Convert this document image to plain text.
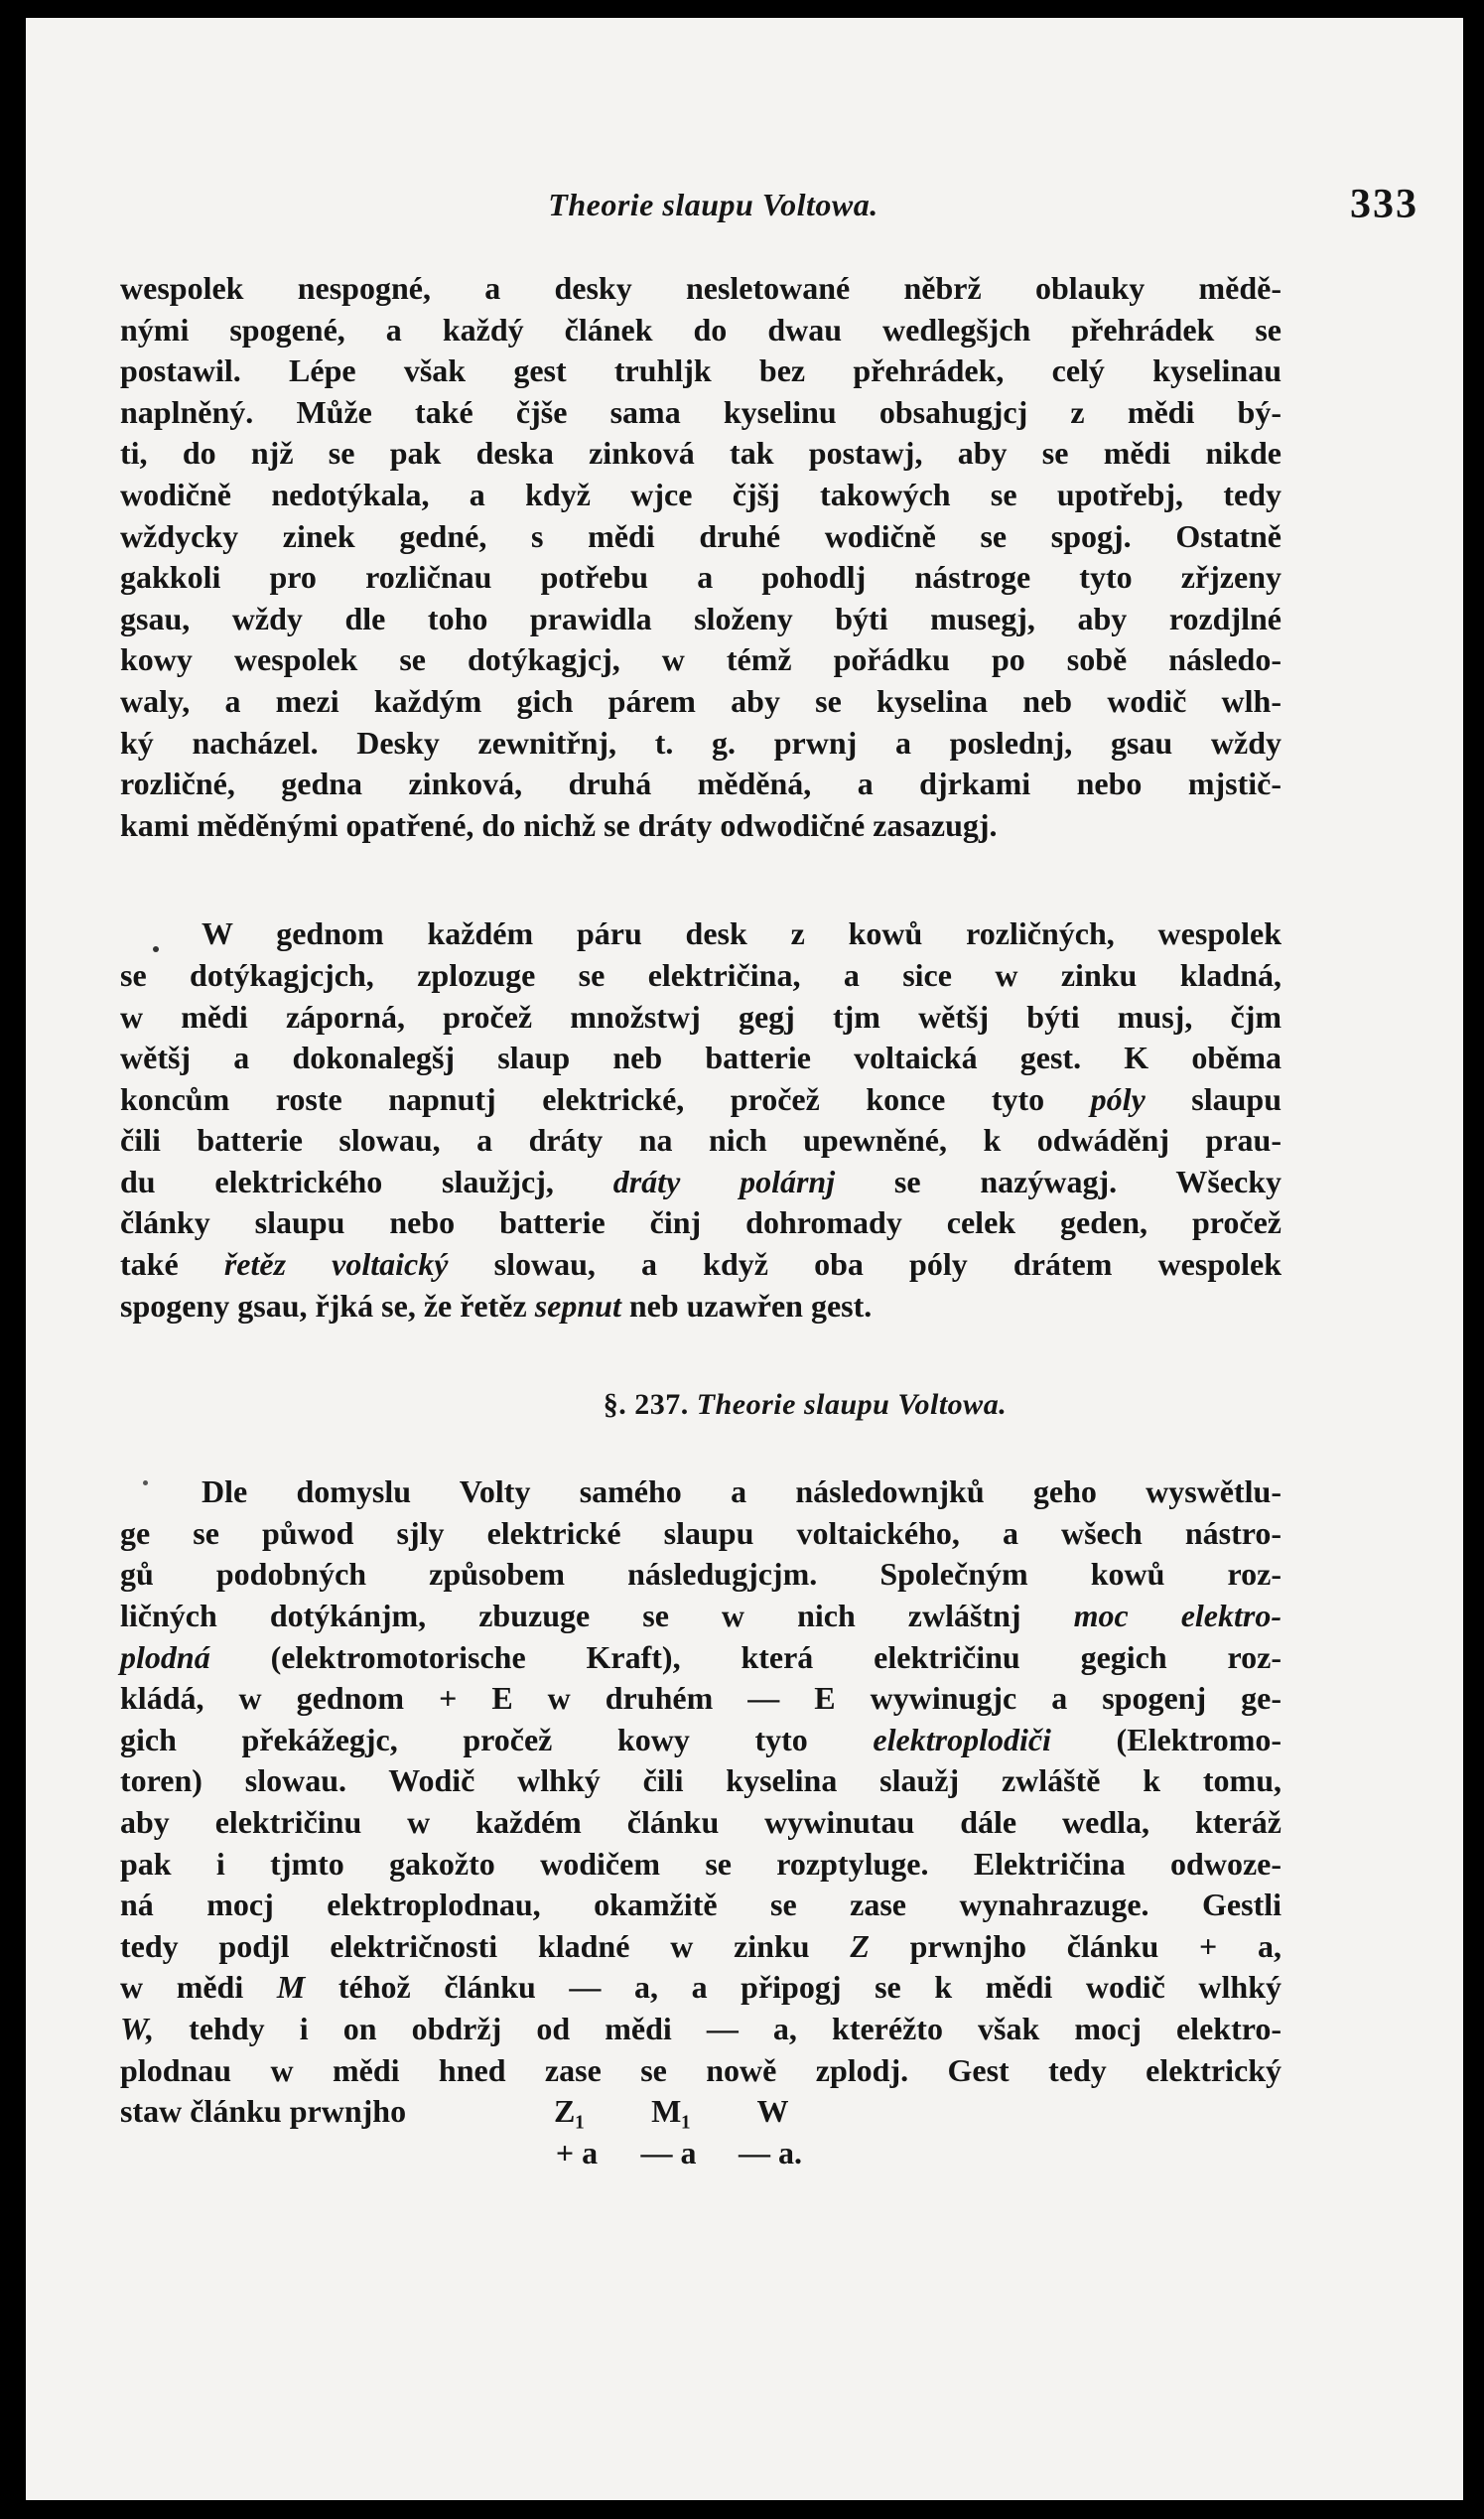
Theorie slaupu Voltowa.	333

wespolek nespogné, a desky nesletowané něbrž oblauky mědě-
nými spogené, a každý článek do dwau wedlegšjch přehrádek se
postawil. Lépe však gest truhljk bez přehrádek, celý kyselinau
naplněný. Může také čjše sama kyselinu obsahugjcj z mědi bý-
ti, do njž se pak deska zinková tak postawj, aby se mědi nikde
wodičně nedotýkala, a když wjce čjšj takowých se upotřebj, tedy
wždycky zinek gedné, s mědi druhé wodičně se spogj. Ostatně
gakkoli pro rozličnau potřebu a pohodlj nástroge tyto zřjzeny
gsau, wždy dle toho prawidla složeny býti musegj, aby rozdjlné
kowy wespolek se dotýkagjcj, w témž pořádku po sobě následo-
waly, a mezi každým gich párem aby se kyselina neb wodič wlh-
ký nacházel. Desky zewnitřnj, t. g. prwnj a poslednj, gsau wždy
rozličné, gedna zinková, druhá měděná, a djrkami nebo mjstič-
kami měděnými opatřené, do nichž se dráty odwodičné zasazugj.

W gednom každém páru desk z kowů rozličných, wespolek
se dotýkagjcjch, zplozuge se električina, a sice w zinku kladná,
w mědi záporná, pročež množstwj gegj tjm wětšj býti musj, čjm
wětšj a dokonalegšj slaup neb batterie voltaická gest. K oběma
koncům roste napnutj elektrické, pročež konce tyto póly slaupu
čili batterie slowau, a dráty na nich upewněné, k odwáděnj prau-
du elektrického slaužjcj, dráty polárnj se nazýwagj. Wšecky
články slaupu nebo batterie činj dohromady celek geden, pročež
také řetěz voltaický slowau, a když oba póly drátem wespolek
spogeny gsau, řjká se, že řetěz sepnut neb uzawřen gest.

§. 237. Theorie slaupu Voltowa.

Dle domyslu Volty samého a následownjků geho wyswětlu-
ge se půwod sjly elektrické slaupu voltaického, a wšech nástro-
gů podobných způsobem následugjcjm. Společným kowů roz-
ličných dotýkánjm, zbuzuge se w nich zwláštnj moc elektro-
plodná (elektromotorische Kraft), která električinu gegich roz-
kládá, w gednom + E w druhém — E wywinugjc a spogenj ge-
gich překážegjc, pročež kowy tyto elektroplodiči (Elektromo-
toren) slowau. Wodič wlhký čili kyselina slaužj zwláště k tomu,
aby električinu w každém článku wywinutau dále wedla, kteráž
pak i tjmto gakožto wodičem se rozptyluge. Električina odwoze-
ná mocj elektroplodnau, okamžitě se zase wynahrazuge. Gestli
tedy podjl električnosti kladné w zinku Z prwnjho článku + a,
w mědi M téhož článku — a, a připogj se k mědi wodič wlhký
W, tehdy i on obdržj od mědi — a, kteréžto však mocj elektro-
plodnau w mědi hned zase se nowě zplodj. Gest tedy elektrický

staw článku prwnjho	Z₁ M₁ W
+ a — a — a.
